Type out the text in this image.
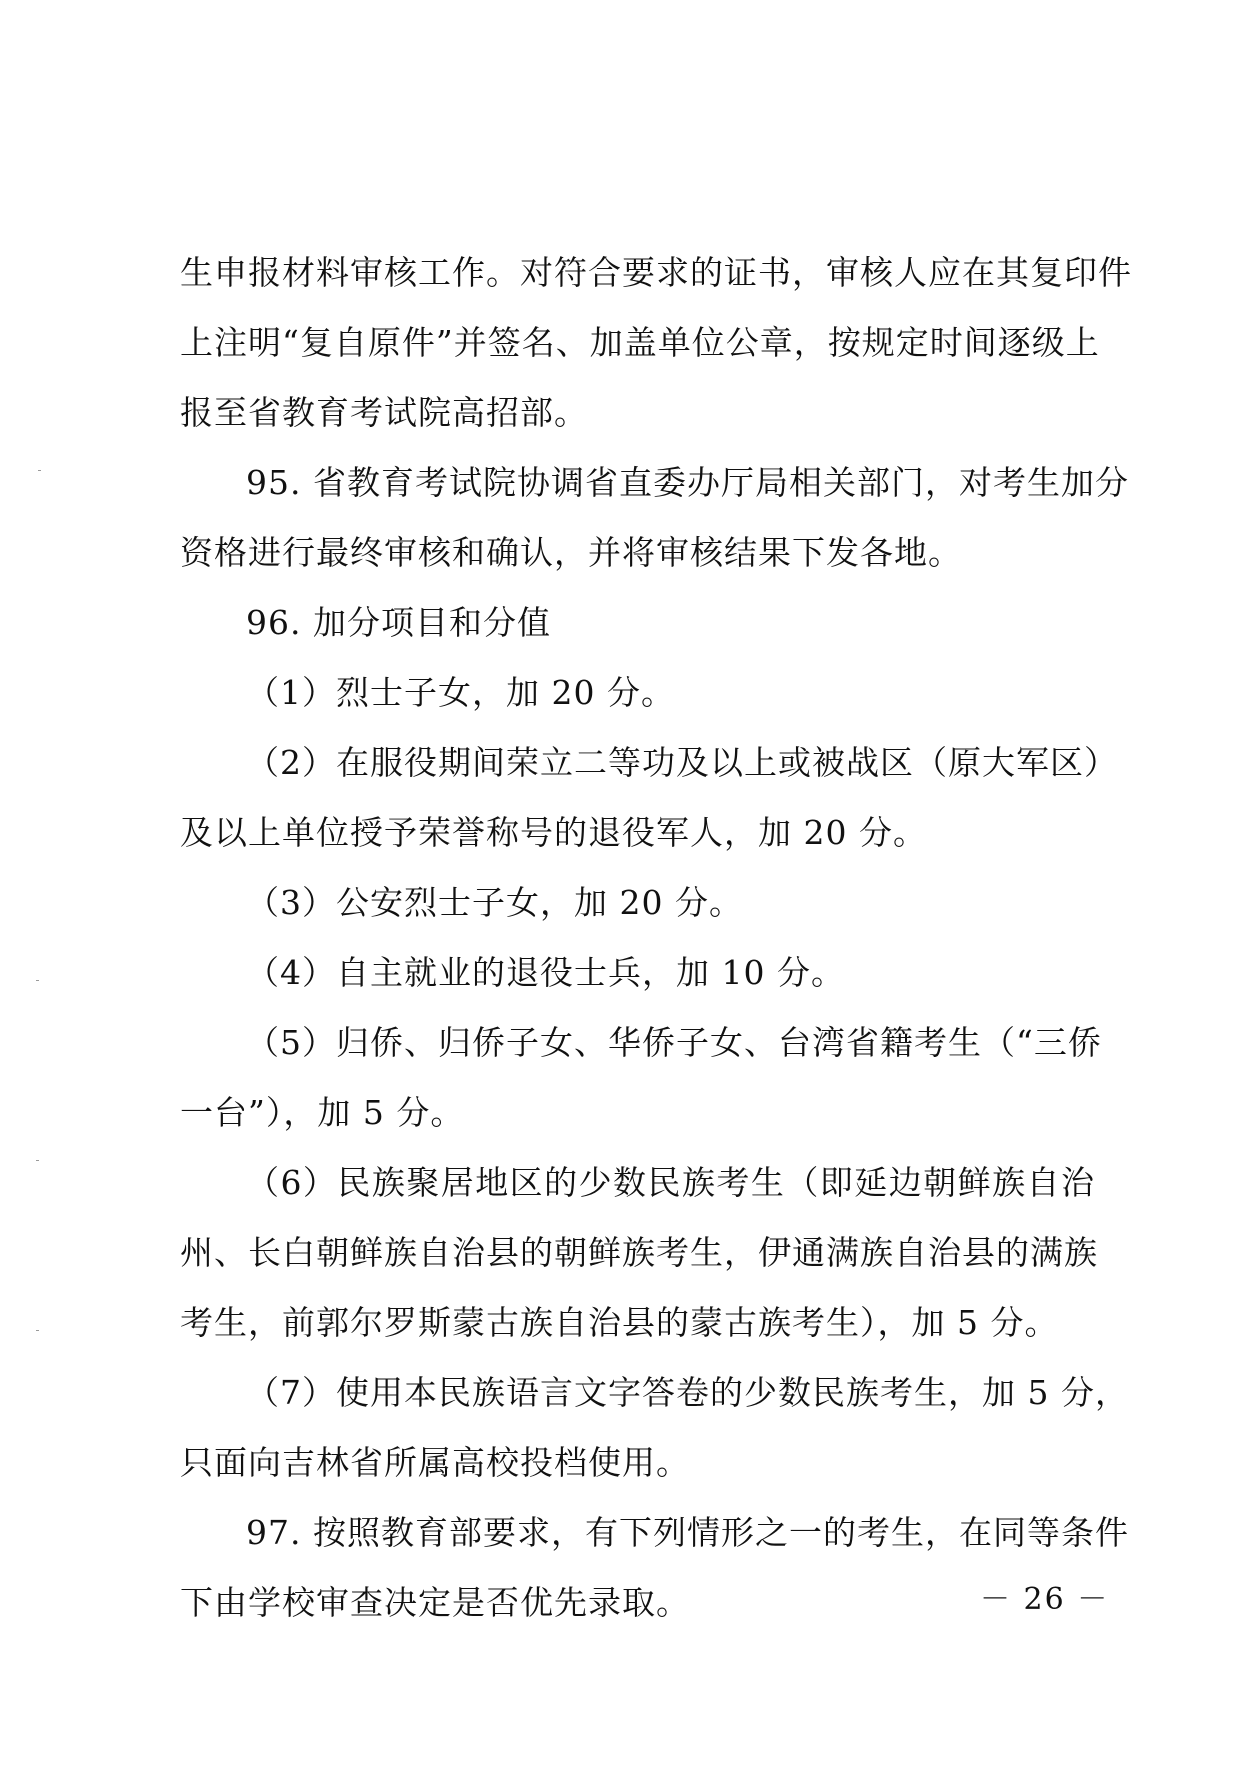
生申报材料审核工作。对符合要求的证书，审核人应在其复印件
上注明“复自原件”并签名、加盖单位公章，按规定时间逐级上
报至省教育考试院高招部。
95. 省教育考试院协调省直委办厅局相关部门，对考生加分
资格进行最终审核和确认，并将审核结果下发各地。
96. 加分项目和分值
（1）烈士子女，加 20 分。
（2）在服役期间荣立二等功及以上或被战区（原大军区）
及以上单位授予荣誉称号的退役军人，加 20 分。
（3）公安烈士子女，加 20 分。
（4）自主就业的退役士兵，加 10 分。
（5）归侨、归侨子女、华侨子女、台湾省籍考生（“三侨
一台”），加 5 分。
（6）民族聚居地区的少数民族考生（即延边朝鲜族自治
州、长白朝鲜族自治县的朝鲜族考生，伊通满族自治县的满族
考生，前郭尔罗斯蒙古族自治县的蒙古族考生），加 5 分。
（7）使用本民族语言文字答卷的少数民族考生，加 5 分，
只面向吉林省所属高校投档使用。
97. 按照教育部要求，有下列情形之一的考生，在同等条件
下由学校审查决定是否优先录取。	－ 26 －
